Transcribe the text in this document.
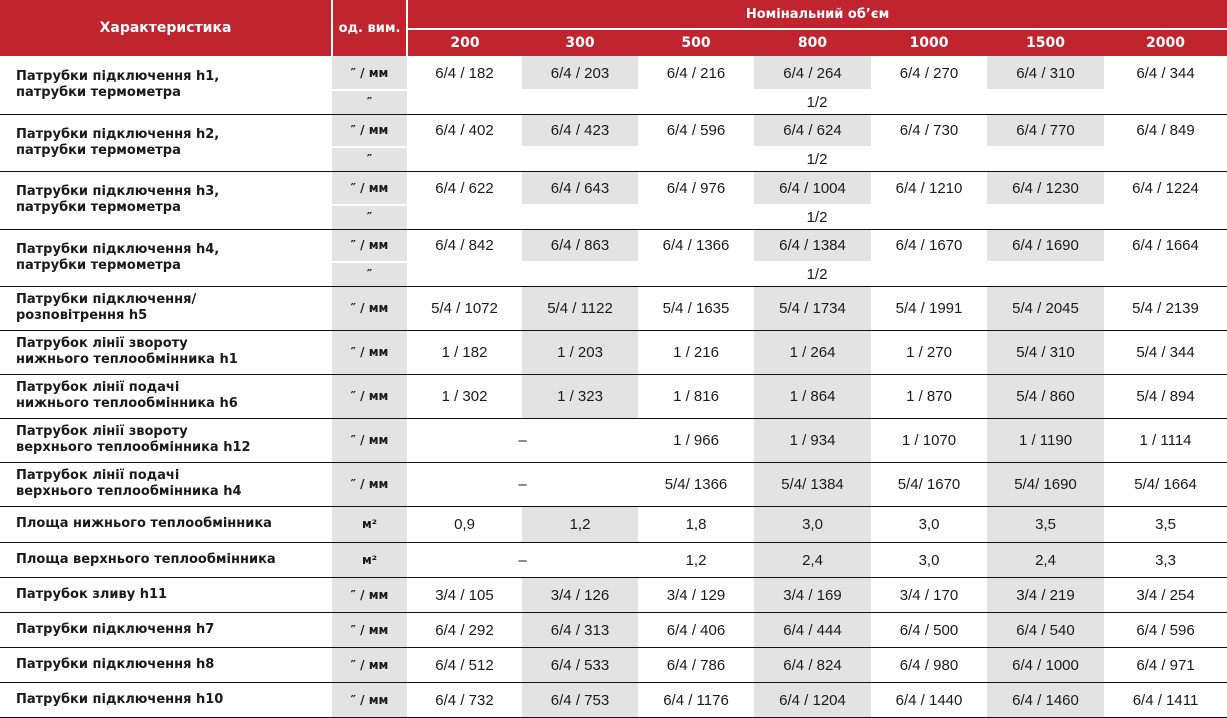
Характеристика	од. вим.	Номінальний об’єм						
		200	300	500	800	1000	1500	2000
Патрубки підключення h1,
патрубки термометра	″ / мм	6/4 / 182	6/4 / 203	6/4 / 216	6/4 / 264	6/4 / 270	6/4 / 310	6/4 / 344
	″	1/2						
Патрубки підключення h2,
патрубки термометра	″ / мм	6/4 / 402	6/4 / 423	6/4 / 596	6/4 / 624	6/4 / 730	6/4 / 770	6/4 / 849
	″	1/2						
Патрубки підключення h3,
патрубки термометра	″ / мм	6/4 / 622	6/4 / 643	6/4 / 976	6/4 / 1004	6/4 / 1210	6/4 / 1230	6/4 / 1224
	″	1/2						
Патрубки підключення h4,
патрубки термометра	″ / мм	6/4 / 842	6/4 / 863	6/4 / 1366	6/4 / 1384	6/4 / 1670	6/4 / 1690	6/4 / 1664
	″	1/2						
Патрубки підключення/
розповітрення h5	″ / мм	5/4 / 1072	5/4 / 1122	5/4 / 1635	5/4 / 1734	5/4 / 1991	5/4 / 2045	5/4 / 2139
Патрубок лінії звороту
нижнього теплообмінника h1	″ / мм	1 / 182	1 / 203	1 / 216	1 / 264	1 / 270	5/4 / 310	5/4 / 344
Патрубок лінії подачі
нижнього теплообмінника h6	″ / мм	1 / 302	1 / 323	1 / 816	1 / 864	1 / 870	5/4 / 860	5/4 / 894
Патрубок лінії звороту
верхнього теплообмінника h12	″ / мм	–		1 / 966	1 / 934	1 / 1070	1 / 1190	1 / 1114
Патрубок лінії подачі
верхнього теплообмінника h4	″ / мм	–		5/4/ 1366	5/4/ 1384	5/4/ 1670	5/4/ 1690	5/4/ 1664
Площа нижнього теплообмінника	м²	0,9	1,2	1,8	3,0	3,0	3,5	3,5
Площа верхнього теплообмінника	м²	–		1,2	2,4	3,0	2,4	3,3
Патрубок зливу h11	″ / мм	3/4 / 105	3/4 / 126	3/4 / 129	3/4 / 169	3/4 / 170	3/4 / 219	3/4 / 254
Патрубки підключення h7	″ / мм	6/4 / 292	6/4 / 313	6/4 / 406	6/4 / 444	6/4 / 500	6/4 / 540	6/4 / 596
Патрубки підключення h8	″ / мм	6/4 / 512	6/4 / 533	6/4 / 786	6/4 / 824	6/4 / 980	6/4 / 1000	6/4 / 971
Патрубки підключення h10	″ / мм	6/4 / 732	6/4 / 753	6/4 / 1176	6/4 / 1204	6/4 / 1440	6/4 / 1460	6/4 / 1411
